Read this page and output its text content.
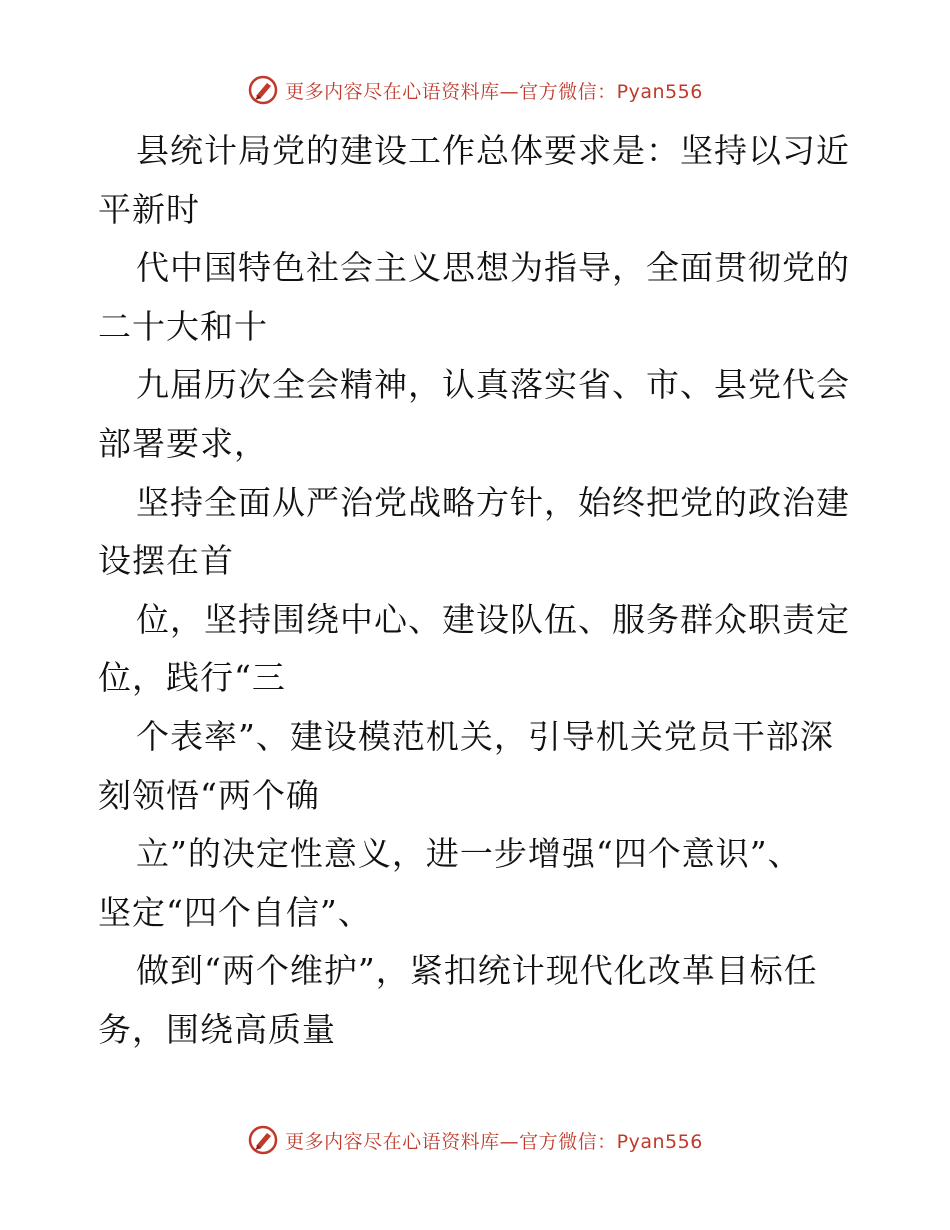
更多内容尽在心语资料库—官方微信：Pyan556
县统计局党的建设工作总体要求是：坚持以习近
平新时
代中国特色社会主义思想为指导，全面贯彻党的
二十大和十
九届历次全会精神，认真落实省、市、县党代会
部署要求，
坚持全面从严治党战略方针，始终把党的政治建
设摆在首
位，坚持围绕中心、建设队伍、服务群众职责定
位，践行“三
个表率”、建设模范机关，引导机关党员干部深
刻领悟“两个确
立”的决定性意义，进一步增强“四个意识”、
坚定“四个自信”、
做到“两个维护”，紧扣统计现代化改革目标任
务，围绕高质量
更多内容尽在心语资料库—官方微信：Pyan556
